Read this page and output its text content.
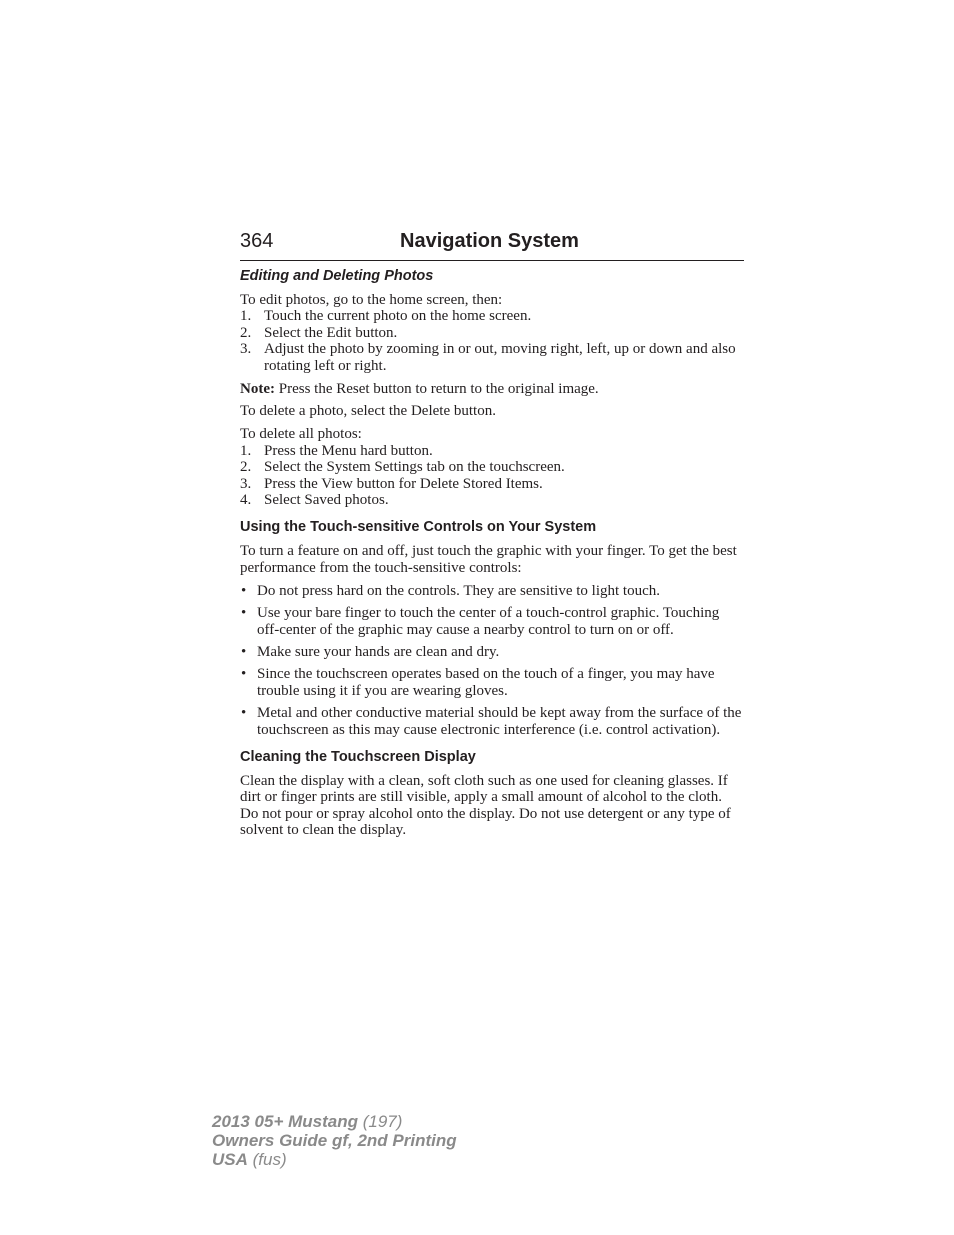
364	Navigation System
Editing and Deleting Photos

To edit photos, go to the home screen, then:

1. Touch the current photo on the home screen.
2. Select the Edit button.
3. Adjust the photo by zooming in or out, moving right, left, up or down and also rotating left or right.

Note: Press the Reset button to return to the original image.

To delete a photo, select the Delete button.

To delete all photos:

1. Press the Menu hard button.
2. Select the System Settings tab on the touchscreen.
3. Press the View button for Delete Stored Items.
4. Select Saved photos.
Using the Touch-sensitive Controls on Your System

To turn a feature on and off, just touch the graphic with your finger. To get the best performance from the touch-sensitive controls:

• Do not press hard on the controls. They are sensitive to light touch.
• Use your bare finger to touch the center of a touch-control graphic. Touching off-center of the graphic may cause a nearby control to turn on or off.
• Make sure your hands are clean and dry.
• Since the touchscreen operates based on the touch of a finger, you may have trouble using it if you are wearing gloves.
• Metal and other conductive material should be kept away from the surface of the touchscreen as this may cause electronic interference (i.e. control activation).
Cleaning the Touchscreen Display

Clean the display with a clean, soft cloth such as one used for cleaning glasses. If dirt or finger prints are still visible, apply a small amount of alcohol to the cloth. Do not pour or spray alcohol onto the display. Do not use detergent or any type of solvent to clean the display.

2013 05+ Mustang (197)
Owners Guide gf, 2nd Printing
USA (fus)
